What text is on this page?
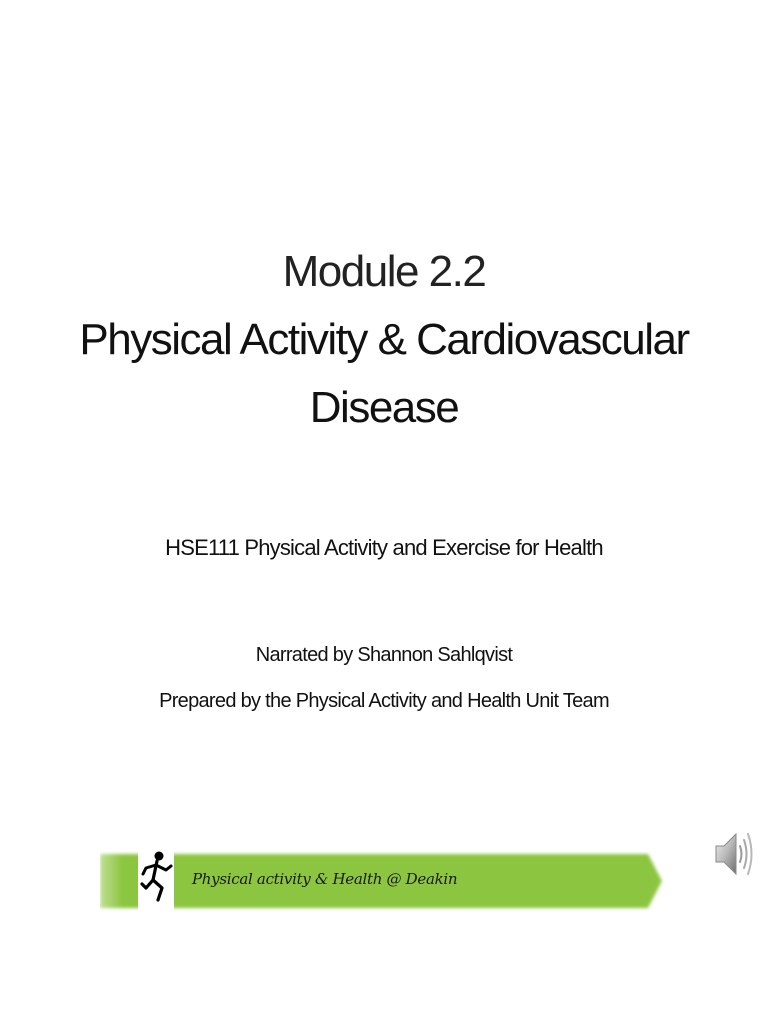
Module 2.2
Physical Activity & Cardiovascular
Disease
HSE111 Physical Activity and Exercise for Health
Narrated by Shannon Sahlqvist
Prepared by the Physical Activity and Health Unit Team
Physical activity & Health @ Deakin
